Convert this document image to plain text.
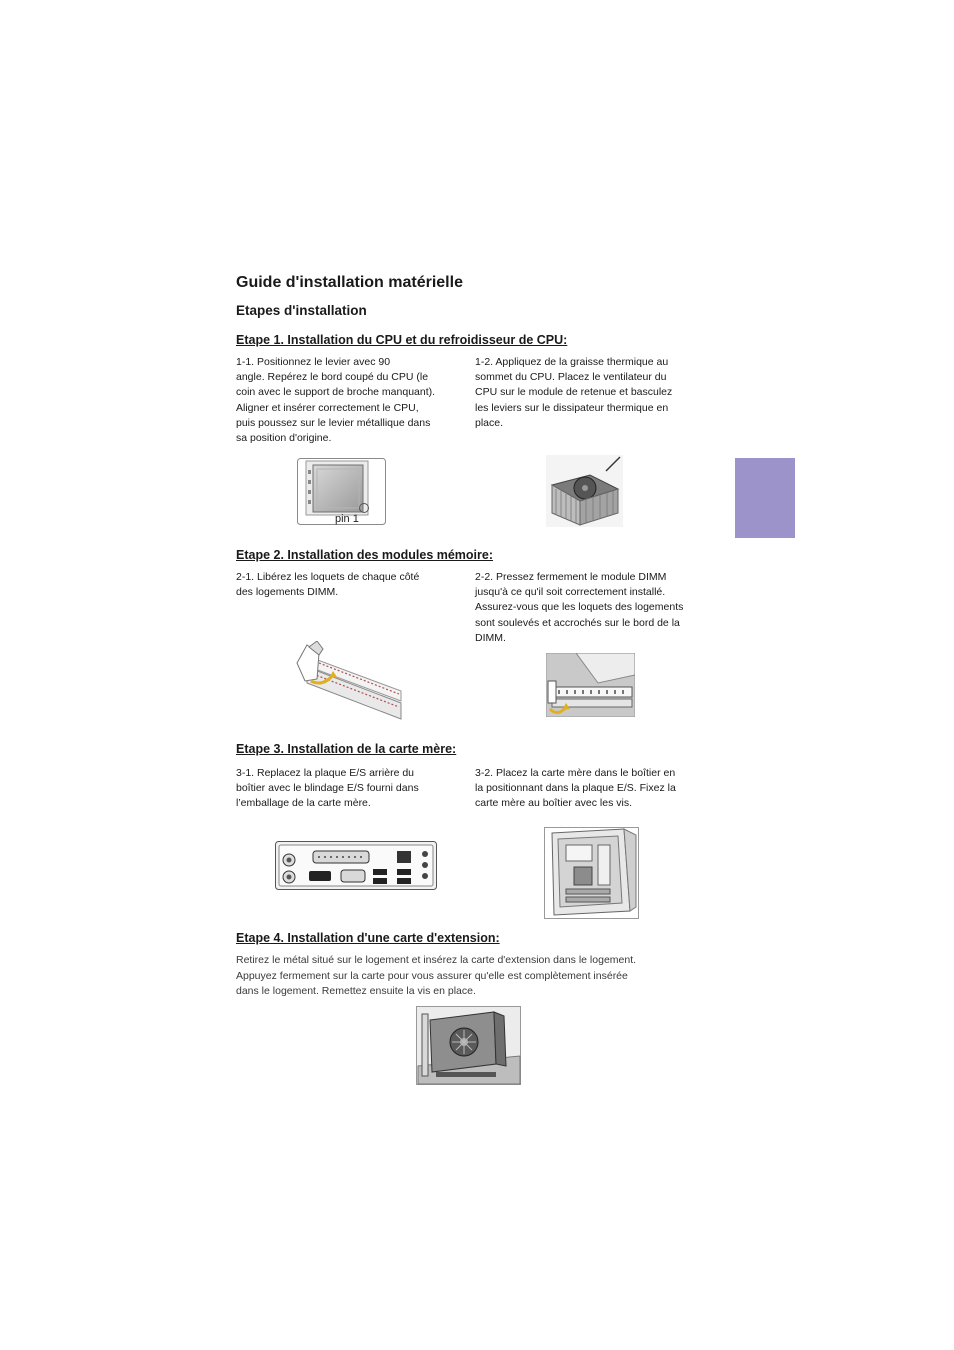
Guide d'installation matérielle
Etapes d'installation
Etape 1. Installation du CPU et du refroidisseur de CPU:
1-1. Positionnez le levier avec 90
angle. Repérez le bord coupé du CPU (le
coin avec le support de broche manquant).
Aligner et insérer correctement le CPU,
puis poussez sur le levier métallique dans
sa position d'origine.
1-2. Appliquez de la graisse thermique au
sommet du CPU. Placez le ventilateur du
CPU sur le module de retenue et basculez
les leviers sur le dissipateur thermique en
place.
pin 1
Etape 2. Installation des modules mémoire:
2-1. Libérez les loquets de chaque côté
des logements DIMM.
2-2. Pressez fermement le module DIMM
jusqu'à ce qu'il soit correctement installé.
Assurez-vous que les loquets des logements
sont soulevés et accrochés sur le bord de la
DIMM.
Etape 3. Installation de la carte mère:
3-1. Replacez la plaque E/S arrière du
boîtier avec le blindage E/S fourni dans
l’emballage de la carte mère.
3-2. Placez la carte mère dans le boîtier en
la positionnant dans la plaque E/S. Fixez la
carte mère au boîtier avec les vis.
Etape 4. Installation d'une carte d'extension:
Retirez le métal situé sur le logement et insérez la carte d'extension dans le logement.
Appuyez fermement sur la carte pour vous assurer qu'elle est complètement insérée
dans le logement. Remettez ensuite la vis en place.
